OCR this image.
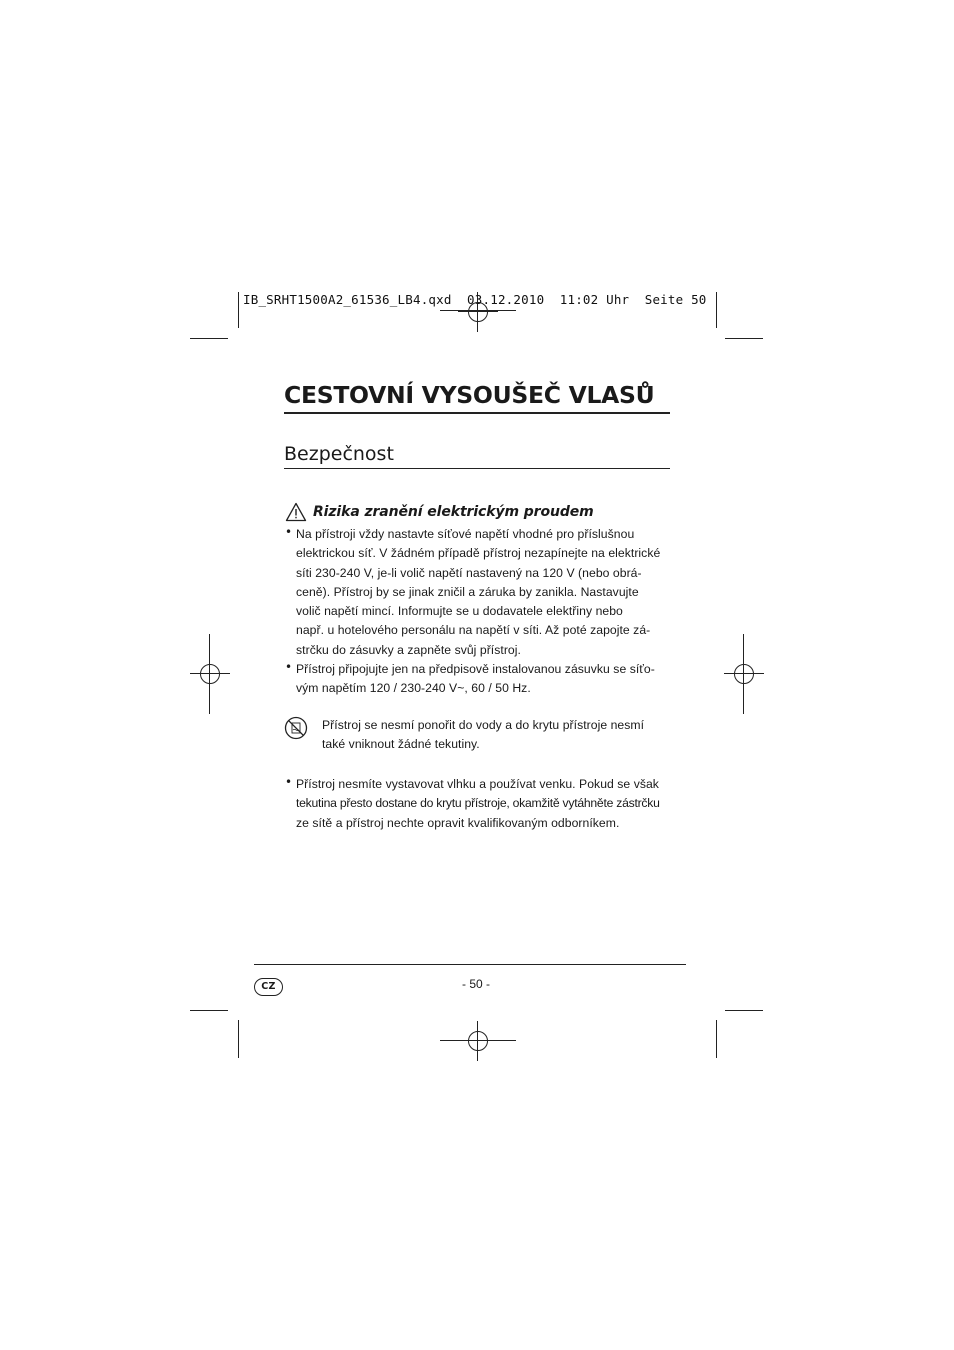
IB_SRHT1500A2_61536_LB4.qxd  03.12.2010  11:02 Uhr  Seite 50
CESTOVNÍ VYSOUŠEČ VLASŮ
Bezpečnost
Rizika zranění elektrickým proudem
• Na přístroji vždy nastavte síťové napětí vhodné pro příslušnou
elektrickou síť. V žádném případě přístroj nezapínejte na elektrické
síti 230-240 V, je-li volič napětí nastavený na 120 V (nebo obrá-
ceně). Přístroj by se jinak zničil a záruka by zanikla. Nastavujte
volič napětí mincí. Informujte se u dodavatele elektřiny nebo
např. u hotelového personálu na napětí v síti. Až poté zapojte zá-
strčku do zásuvky a zapněte svůj přístroj.
• Přístroj připojujte jen na předpisově instalovanou zásuvku se síťo-
vým napětím 120 / 230-240 V~, 60 / 50 Hz.
Přístroj se nesmí ponořit do vody a do krytu přístroje nesmí
také vniknout žádné tekutiny.
• Přístroj nesmíte vystavovat vlhku a používat venku. Pokud se však
tekutina přesto dostane do krytu přístroje, okamžitě vytáhněte zástrčku
ze sítě a přístroj nechte opravit kvalifikovaným odborníkem.
CZ	- 50 -
